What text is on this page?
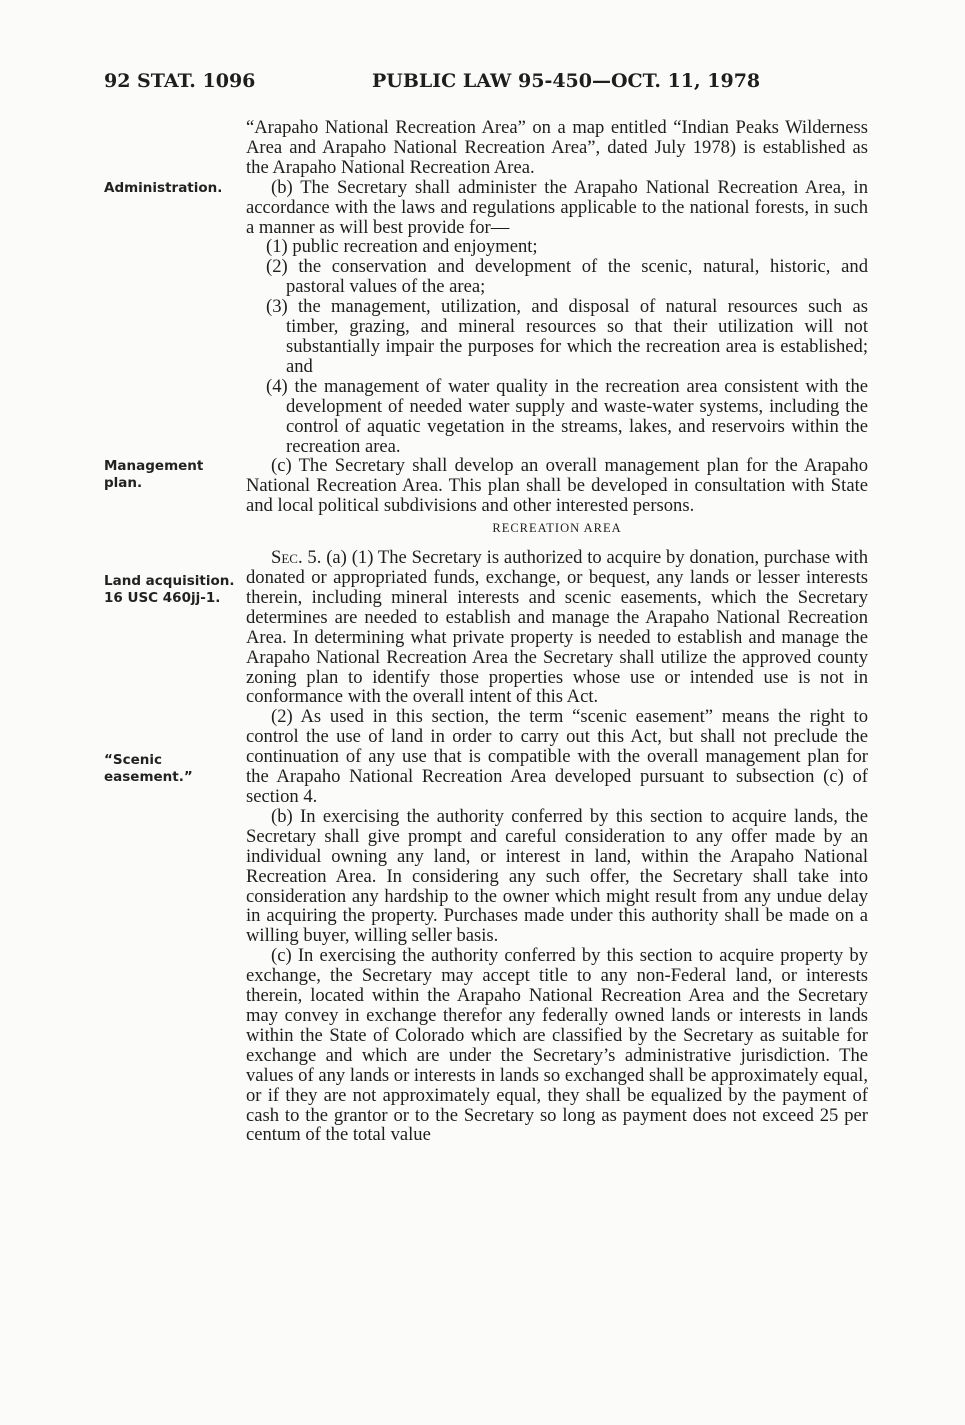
92 STAT. 1096	PUBLIC LAW 95-450—OCT. 11, 1978
Administration.
Management
plan.
Land acquisition.
16 USC 460jj-1.
“Scenic
easement.”

“Arapaho National Recreation Area” on a map entitled “Indian Peaks Wilderness Area and Arapaho National Recreation Area”, dated July 1978) is established as the Arapaho National Recreation Area.

(b) The Secretary shall administer the Arapaho National Recreation Area, in accordance with the laws and regulations applicable to the national forests, in such a manner as will best provide for—

(1) public recreation and enjoyment;

(2) the conservation and development of the scenic, natural, historic, and pastoral values of the area;

(3) the management, utilization, and disposal of natural resources such as timber, grazing, and mineral resources so that their utilization will not substantially impair the purposes for which the recreation area is established; and

(4) the management of water quality in the recreation area consistent with the development of needed water supply and waste-water systems, including the control of aquatic vegetation in the streams, lakes, and reservoirs within the recreation area.

(c) The Secretary shall develop an overall management plan for the Arapaho National Recreation Area. This plan shall be developed in consultation with State and local political subdivisions and other interested persons.

RECREATION AREA

Sec. 5. (a) (1) The Secretary is authorized to acquire by donation, purchase with donated or appropriated funds, exchange, or bequest, any lands or lesser interests therein, including mineral interests and scenic easements, which the Secretary determines are needed to establish and manage the Arapaho National Recreation Area. In determining what private property is needed to establish and manage the Arapaho National Recreation Area the Secretary shall utilize the approved county zoning plan to identify those properties whose use or intended use is not in conformance with the overall intent of this Act.

(2) As used in this section, the term “scenic easement” means the right to control the use of land in order to carry out this Act, but shall not preclude the continuation of any use that is compatible with the overall management plan for the Arapaho National Recreation Area developed pursuant to subsection (c) of section 4.

(b) In exercising the authority conferred by this section to acquire lands, the Secretary shall give prompt and careful consideration to any offer made by an individual owning any land, or interest in land, within the Arapaho National Recreation Area. In considering any such offer, the Secretary shall take into consideration any hardship to the owner which might result from any undue delay in acquiring the property. Purchases made under this authority shall be made on a willing buyer, willing seller basis.

(c) In exercising the authority conferred by this section to acquire property by exchange, the Secretary may accept title to any non-Federal land, or interests therein, located within the Arapaho National Recreation Area and the Secretary may convey in exchange therefor any federally owned lands or interests in lands within the State of Colorado which are classified by the Secretary as suitable for exchange and which are under the Secretary’s administrative jurisdiction. The values of any lands or interests in lands so exchanged shall be approximately equal, or if they are not approximately equal, they shall be equalized by the payment of cash to the grantor or to the Secretary so long as payment does not exceed 25 per centum of the total value
